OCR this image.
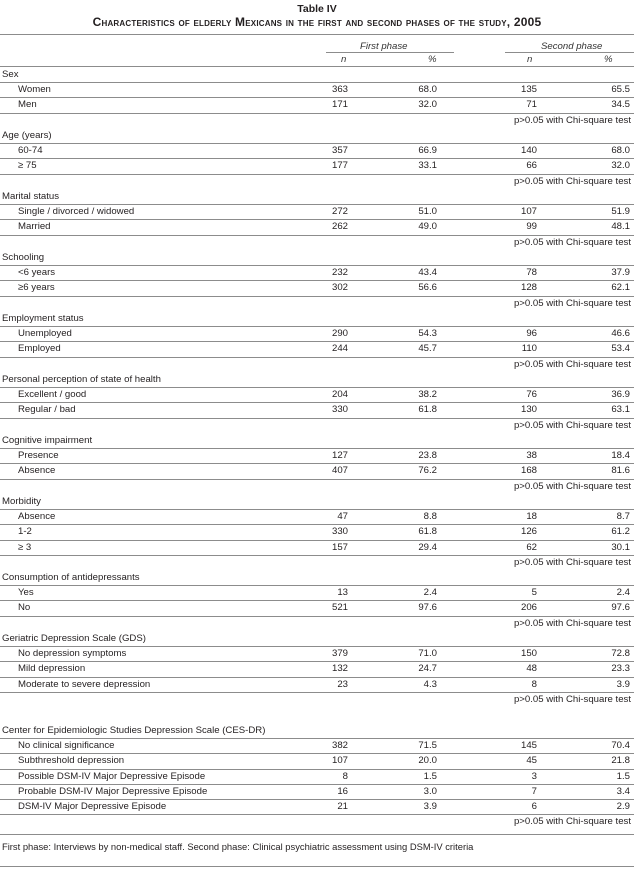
Table IV
Characteristics of elderly Mexicans in the first and second phases of the study, 2005
First phase	Second phase
n	%	n	%
Sex
Women	363	68.0	135	65.5
Men	171	32.0	71	34.5
p>0.05 with Chi-square test
Age (years)
60-74	357	66.9	140	68.0
≥ 75	177	33.1	66	32.0
p>0.05 with Chi-square test
Marital status
Single / divorced / widowed	272	51.0	107	51.9
Married	262	49.0	99	48.1
p>0.05 with Chi-square test
Schooling
<6 years	232	43.4	78	37.9
≥6 years	302	56.6	128	62.1
p>0.05 with Chi-square test
Employment status
Unemployed	290	54.3	96	46.6
Employed	244	45.7	110	53.4
p>0.05 with Chi-square test
Personal perception of state of health
Excellent / good	204	38.2	76	36.9
Regular / bad	330	61.8	130	63.1
p>0.05 with Chi-square test
Cognitive impairment
Presence	127	23.8	38	18.4
Absence	407	76.2	168	81.6
p>0.05 with Chi-square test
Morbidity
Absence	47	8.8	18	8.7
1-2	330	61.8	126	61.2
≥ 3	157	29.4	62	30.1
p>0.05 with Chi-square test
Consumption of antidepressants
Yes	13	2.4	5	2.4
No	521	97.6	206	97.6
p>0.05 with Chi-square test
Geriatric Depression Scale (GDS)
No depression symptoms	379	71.0	150	72.8
Mild depression	132	24.7	48	23.3
Moderate to severe depression	23	4.3	8	3.9
p>0.05 with Chi-square test
Center for Epidemiologic Studies Depression Scale (CES-DR)
No clinical significance	382	71.5	145	70.4
Subthreshold depression	107	20.0	45	21.8
Possible DSM-IV Major Depressive Episode	8	1.5	3	1.5
Probable DSM-IV Major Depressive Episode	16	3.0	7	3.4
DSM-IV Major Depressive Episode	21	3.9	6	2.9
p>0.05 with Chi-square test
First phase: Interviews by non-medical staff. Second phase: Clinical psychiatric assessment using DSM-IV criteria
